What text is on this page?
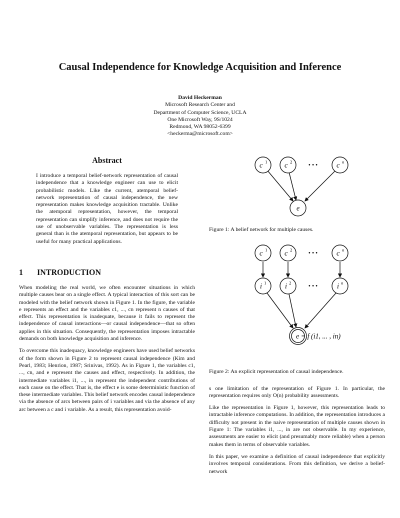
Causal Independence for Knowledge Acquisition and Inference
David Heckerman
Microsoft Research Center and
Department of Computer Science, UCLA
One Microsoft Way, 9S/1024
Redmond, WA 98052-6399
<heckerma@microsoft.com>
Abstract

I introduce a temporal belief-network representation of causal independence that a knowledge engineer can use to elicit probabilistic models. Like the current, atemporal belief-network representation of causal independence, the new representation makes knowledge acquisition tractable. Unlike the atemporal representation, however, the temporal representation can simplify inference, and does not require the use of unobservable variables. The representation is less general than is the atemporal representation, but appears to be useful for many practical applications.

1 INTRODUCTION

When modeling the real world, we often encounter situations in which multiple causes bear on a single effect. A typical interaction of this sort can be modeled with the belief network shown in Figure 1. In the figure, the variable e represents an effect and the variables c1, ..., cn represent n causes of that effect. This representation is inadequate, because it fails to represent the independence of causal interactions—or causal independence—that so often applies in this situation. Consequently, the representation imposes intractable demands on both knowledge acquisition and inference.

To overcome this inadequacy, knowledge engineers have used belief networks of the form shown in Figure 2 to represent causal independence (Kim and Pearl, 1983; Henrion, 1987; Srinivas, 1992). As in Figure 1, the variables c1, ..., cn, and e represent the causes and effect, respectively. In addition, the intermediate variables i1, ..., in represent the independent contributions of each cause on the effect. That is, the effect e is some deterministic function of these intermediate variables. This belief network encodes causal independence via the absence of arcs between pairs of i variables and via the absence of any arc between a c and i variable. As a result, this representation avoid-

c 1 c 2
• • •	c n
e

Figure 1: A belief network for multiple causes.

c 1 c 2
• • •	c n
i 1	i 2
• • •	i n
e = f (i1, ... , in)

Figure 2: An explicit representation of causal independence.

s one limitation of the representation of Figure 1. In particular, the representation requires only O(n) probability assessments.

Like the representation in Figure 1, however, this representation leads to intractable inference computations. In addition, the representation introduces a difficulty not present in the naive representation of multiple causes shown in Figure 1: The variables i1, ..., in are not observable. In my experience, assessments are easier to elicit (and presumably more reliable) when a person makes them in terms of observable variables.

In this paper, we examine a definition of causal independence that explicitly involves temporal considerations. From this definition, we derive a belief-network
